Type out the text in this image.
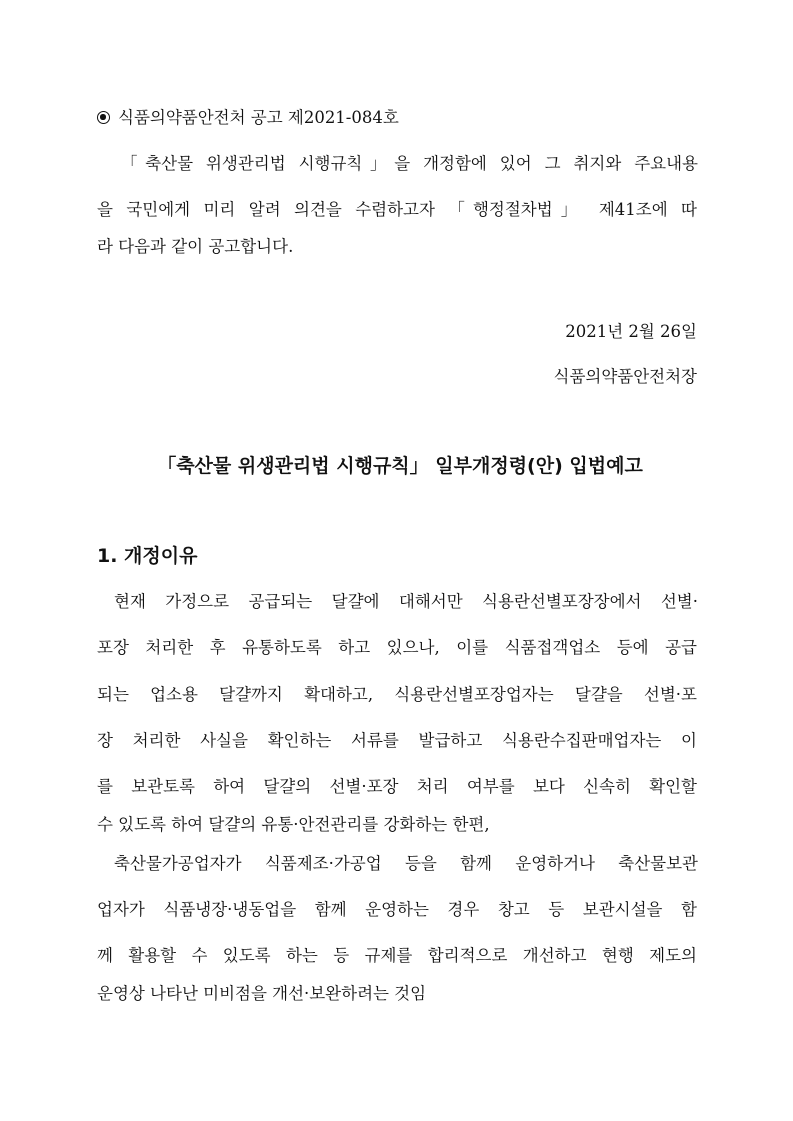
식품의약품안전처 공고 제2021-084호
「축산물 위생관리법 시행규칙」을 개정함에 있어 그 취지와 주요내용
을 국민에게 미리 알려 의견을 수렴하고자 「행정절차법」 제41조에 따
라 다음과 같이 공고합니다.
2021년 2월 26일
식품의약품안전처장
「축산물 위생관리법 시행규칙」 일부개정령(안) 입법예고
1. 개정이유
현재 가정으로 공급되는 달걀에 대해서만 식용란선별포장장에서 선별·
포장 처리한 후 유통하도록 하고 있으나, 이를 식품접객업소 등에 공급
되는 업소용 달걀까지 확대하고, 식용란선별포장업자는 달걀을 선별·포
장 처리한 사실을 확인하는 서류를 발급하고 식용란수집판매업자는 이
를 보관토록 하여 달걀의 선별·포장 처리 여부를 보다 신속히 확인할
수 있도록 하여 달걀의 유통·안전관리를 강화하는 한편,
축산물가공업자가 식품제조·가공업 등을 함께 운영하거나 축산물보관
업자가 식품냉장·냉동업을 함께 운영하는 경우 창고 등 보관시설을 함
께 활용할 수 있도록 하는 등 규제를 합리적으로 개선하고 현행 제도의
운영상 나타난 미비점을 개선·보완하려는 것임
